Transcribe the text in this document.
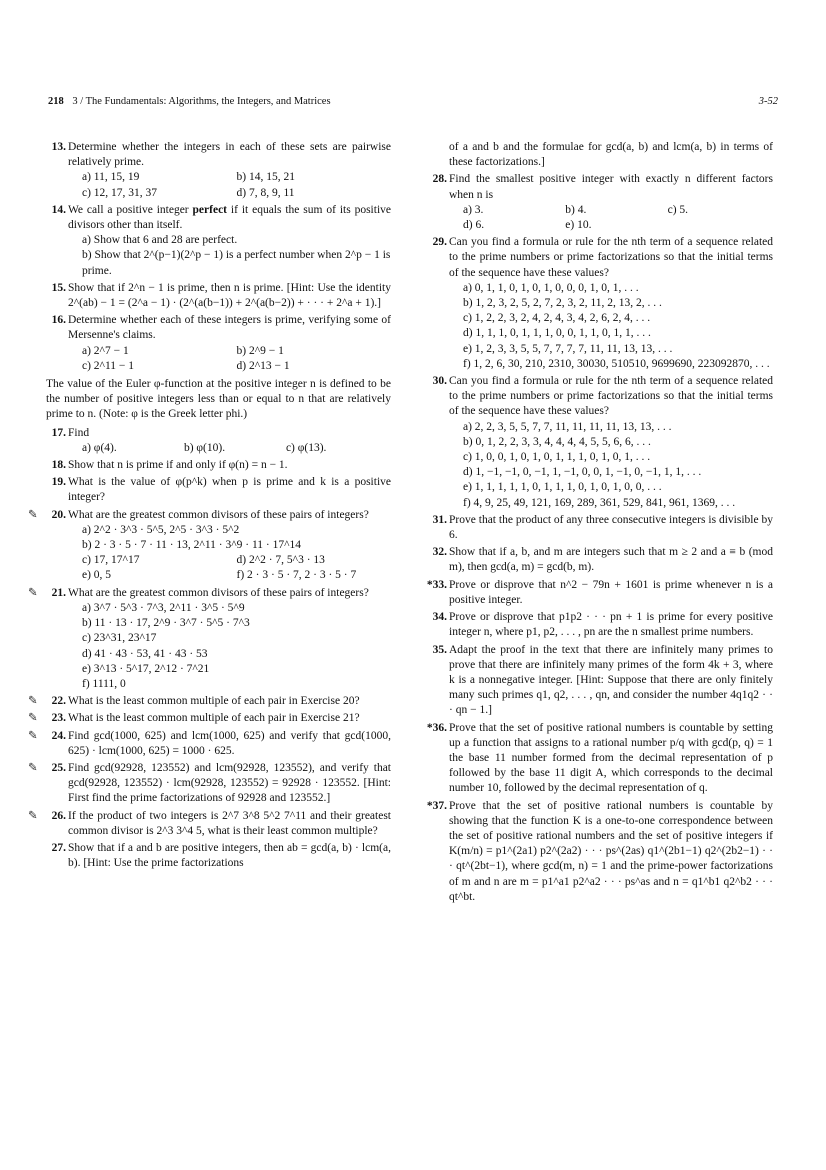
218 3 / The Fundamentals: Algorithms, the Integers, and Matrices	3-52
13. Determine whether the integers in each of these sets are pairwise relatively prime.
a) 11, 15, 19	b) 14, 15, 21
c) 12, 17, 31, 37	d) 7, 8, 9, 11
14. We call a positive integer perfect if it equals the sum of its positive divisors other than itself.
a) Show that 6 and 28 are perfect.
b) Show that 2^(p−1)(2^p − 1) is a perfect number when 2^p − 1 is prime.
15. Show that if 2^n − 1 is prime, then n is prime. [Hint: Use the identity 2^(ab) − 1 = (2^a − 1) · (2^(a(b−1)) + 2^(a(b−2)) + · · · + 2^a + 1).]
16. Determine whether each of these integers is prime, verifying some of Mersenne's claims.
a) 2^7 − 1	b) 2^9 − 1
c) 2^11 − 1	d) 2^13 − 1
The value of the Euler φ-function at the positive integer n is defined to be the number of positive integers less than or equal to n that are relatively prime to n. (Note: φ is the Greek letter phi.)
17. Find
a) φ(4).	b) φ(10).	c) φ(13).
18. Show that n is prime if and only if φ(n) = n − 1.
19. What is the value of φ(p^k) when p is prime and k is a positive integer?
✎	20. What are the greatest common divisors of these pairs of integers?
a) 2^2 · 3^3 · 5^5, 2^5 · 3^3 · 5^2
b) 2 · 3 · 5 · 7 · 11 · 13, 2^11 · 3^9 · 11 · 17^14
c) 17, 17^17	d) 2^2 · 7, 5^3 · 13
e) 0, 5	f) 2 · 3 · 5 · 7, 2 · 3 · 5 · 7
✎	21. What are the greatest common divisors of these pairs of integers?
a) 3^7 · 5^3 · 7^3, 2^11 · 3^5 · 5^9
b) 11 · 13 · 17, 2^9 · 3^7 · 5^5 · 7^3
c) 23^31, 23^17
d) 41 · 43 · 53, 41 · 43 · 53
e) 3^13 · 5^17, 2^12 · 7^21
f) 1111, 0
✎	22. What is the least common multiple of each pair in Exercise 20?
✎	23. What is the least common multiple of each pair in Exercise 21?
✎	24. Find gcd(1000, 625) and lcm(1000, 625) and verify that gcd(1000, 625) · lcm(1000, 625) = 1000 · 625.
✎	25. Find gcd(92928, 123552) and lcm(92928, 123552), and verify that gcd(92928, 123552) · lcm(92928, 123552) = 92928 · 123552. [Hint: First find the prime factorizations of 92928 and 123552.]
✎	26. If the product of two integers is 2^7 3^8 5^2 7^11 and their greatest common divisor is 2^3 3^4 5, what is their least common multiple?
27. Show that if a and b are positive integers, then ab = gcd(a, b) · lcm(a, b). [Hint: Use the prime factorizations
of a and b and the formulae for gcd(a, b) and lcm(a, b) in terms of these factorizations.]
28. Find the smallest positive integer with exactly n different factors when n is
a) 3.	b) 4.	c) 5.
d) 6.	e) 10.
29. Can you find a formula or rule for the nth term of a sequence related to the prime numbers or prime factorizations so that the initial terms of the sequence have these values?
a) 0, 1, 1, 0, 1, 0, 1, 0, 0, 0, 1, 0, 1, . . .
b) 1, 2, 3, 2, 5, 2, 7, 2, 3, 2, 11, 2, 13, 2, . . .
c) 1, 2, 2, 3, 2, 4, 2, 4, 3, 4, 2, 6, 2, 4, . . .
d) 1, 1, 1, 0, 1, 1, 1, 0, 0, 1, 1, 0, 1, 1, . . .
e) 1, 2, 3, 3, 5, 5, 7, 7, 7, 7, 11, 11, 13, 13, . . .
f) 1, 2, 6, 30, 210, 2310, 30030, 510510, 9699690, 223092870, . . .
30. Can you find a formula or rule for the nth term of a sequence related to the prime numbers or prime factorizations so that the initial terms of the sequence have these values?
a) 2, 2, 3, 5, 5, 7, 7, 11, 11, 11, 11, 13, 13, . . .
b) 0, 1, 2, 2, 3, 3, 4, 4, 4, 4, 5, 5, 6, 6, . . .
c) 1, 0, 0, 1, 0, 1, 0, 1, 1, 1, 0, 1, 0, 1, . . .
d) 1, −1, −1, 0, −1, 1, −1, 0, 0, 1, −1, 0, −1, 1, 1, . . .
e) 1, 1, 1, 1, 1, 0, 1, 1, 1, 0, 1, 0, 1, 0, 0, . . .
f) 4, 9, 25, 49, 121, 169, 289, 361, 529, 841, 961, 1369, . . .
31. Prove that the product of any three consecutive integers is divisible by 6.
32. Show that if a, b, and m are integers such that m ≥ 2 and a ≡ b (mod m), then gcd(a, m) = gcd(b, m).
*33. Prove or disprove that n^2 − 79n + 1601 is prime whenever n is a positive integer.
34. Prove or disprove that p1p2 · · · pn + 1 is prime for every positive integer n, where p1, p2, . . . , pn are the n smallest prime numbers.
35. Adapt the proof in the text that there are infinitely many primes to prove that there are infinitely many primes of the form 4k + 3, where k is a nonnegative integer. [Hint: Suppose that there are only finitely many such primes q1, q2, . . . , qn, and consider the number 4q1q2 · · · qn − 1.]
*36. Prove that the set of positive rational numbers is countable by setting up a function that assigns to a rational number p/q with gcd(p, q) = 1 the base 11 number formed from the decimal representation of p followed by the base 11 digit A, which corresponds to the decimal number 10, followed by the decimal representation of q.
*37. Prove that the set of positive rational numbers is countable by showing that the function K is a one-to-one correspondence between the set of positive rational numbers and the set of positive integers if K(m/n) = p1^(2a1) p2^(2a2) · · · ps^(2as) q1^(2b1−1) q2^(2b2−1) · · · qt^(2bt−1), where gcd(m, n) = 1 and the prime-power factorizations of m and n are m = p1^a1 p2^a2 · · · ps^as and n = q1^b1 q2^b2 · · · qt^bt.
